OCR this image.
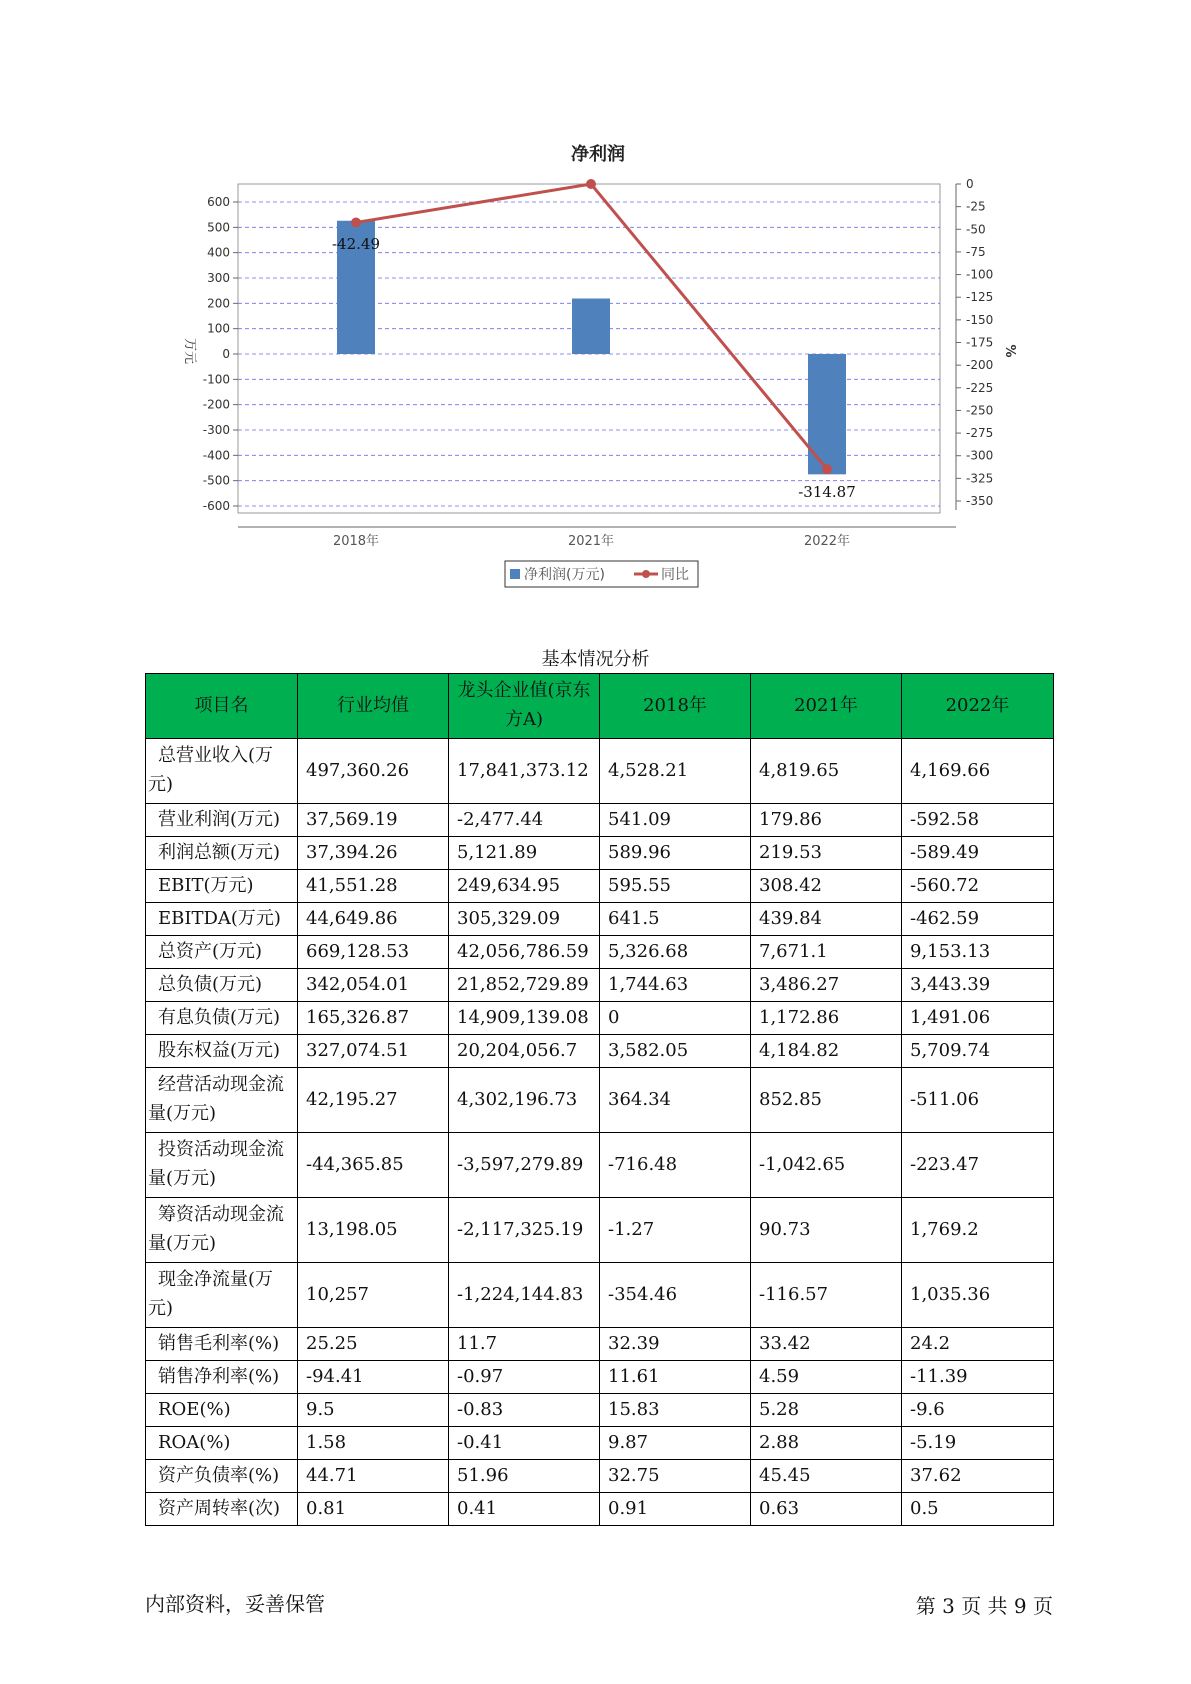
600
500
400
300
200
100
0
-100
-200
-300
-400
-500
-600
0
-25
-50
-75
-100
-125
-150
-175
-200
-225
-250
-275
-300
-325
-350
-42.49
-314.87
2018年	2021年	2022年
净利润
万元	%
净利润(万元)	同比
基本情况分析
项目名	行业均值	龙头企业值(京东方A)	2018年	2021年	2022年
总营业收入(万元)	497,360.26	17,841,373.12	4,528.21	4,819.65	4,169.66
营业利润(万元)	37,569.19	-2,477.44	541.09	179.86	-592.58
利润总额(万元)	37,394.26	5,121.89	589.96	219.53	-589.49
EBIT(万元)	41,551.28	249,634.95	595.55	308.42	-560.72
EBITDA(万元)	44,649.86	305,329.09	641.5	439.84	-462.59
总资产(万元)	669,128.53	42,056,786.59	5,326.68	7,671.1	9,153.13
总负债(万元)	342,054.01	21,852,729.89	1,744.63	3,486.27	3,443.39
有息负债(万元)	165,326.87	14,909,139.08	0	1,172.86	1,491.06
股东权益(万元)	327,074.51	20,204,056.7	3,582.05	4,184.82	5,709.74
经营活动现金流量(万元)	42,195.27	4,302,196.73	364.34	852.85	-511.06
投资活动现金流量(万元)	-44,365.85	-3,597,279.89	-716.48	-1,042.65	-223.47
筹资活动现金流量(万元)	13,198.05	-2,117,325.19	-1.27	90.73	1,769.2
现金净流量(万元)	10,257	-1,224,144.83	-354.46	-116.57	1,035.36
销售毛利率(%)	25.25	11.7	32.39	33.42	24.2
销售净利率(%)	-94.41	-0.97	11.61	4.59	-11.39
ROE(%)	9.5	-0.83	15.83	5.28	-9.6
ROA(%)	1.58	-0.41	9.87	2.88	-5.19
资产负债率(%)	44.71	51.96	32.75	45.45	37.62
资产周转率(次)	0.81	0.41	0.91	0.63	0.5
内部资料，妥善保管	第 3 页 共 9 页
